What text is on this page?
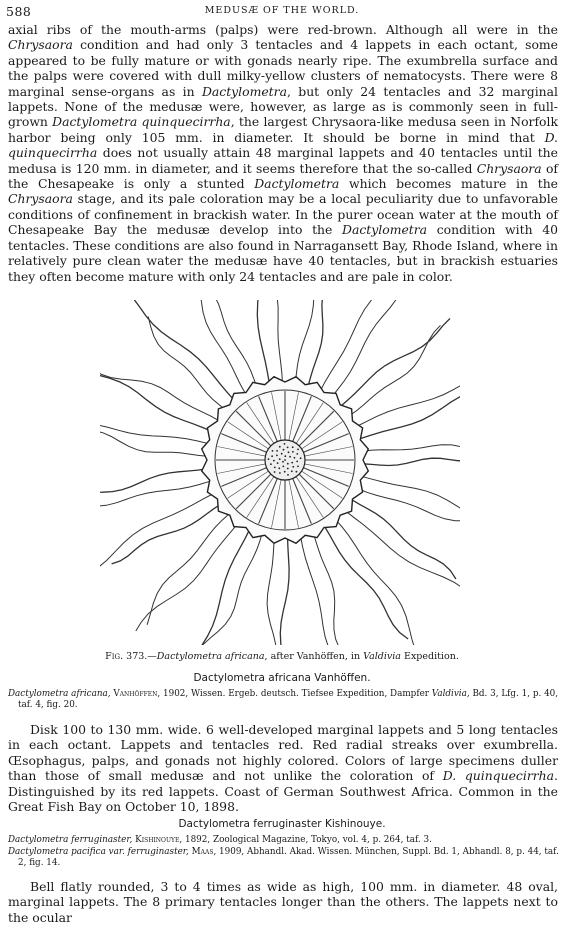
588	MEDUSÆ OF THE WORLD.

axial ribs of the mouth-arms (palps) were red-brown. Although all were in the Chrysaora condition and had only 3 tentacles and 4 lappets in each octant, some appeared to be fully mature or with gonads nearly ripe. The exumbrella surface and the palps were covered with dull milky-yellow clusters of nematocysts. There were 8 marginal sense-organs as in Dactylometra, but only 24 tentacles and 32 marginal lappets. None of the medusæ were, however, as large as is commonly seen in full-grown Dactylometra quinquecirrha, the largest Chrysaora-like medusa seen in Norfolk harbor being only 105 mm. in diameter. It should be borne in mind that D. quinquecirrha does not usually attain 48 marginal lappets and 40 tentacles until the medusa is 120 mm. in diameter, and it seems therefore that the so-called Chrysaora of the Chesapeake is only a stunted Dactylometra which becomes mature in the Chrysaora stage, and its pale coloration may be a local peculiarity due to unfavorable conditions of confinement in brackish water. In the purer ocean water at the mouth of Chesapeake Bay the medusæ develop into the Dactylometra condition with 40 tentacles. These conditions are also found in Narragansett Bay, Rhode Island, where in relatively pure clean water the medusæ have 40 tentacles, but in brackish estuaries they often become mature with only 24 tentacles and are pale in color.

Fig. 373.—Dactylometra africana, after Vanhöffen, in Valdivia Expedition.
Dactylometra africana Vanhöffen.

Dactylometra africana, Vanhöffen, 1902, Wissen. Ergeb. deutsch. Tiefsee Expedition, Dampfer Valdivia, Bd. 3, Lfg. 1, p. 40, taf. 4, fig. 20.

Disk 100 to 130 mm. wide. 6 well-developed marginal lappets and 5 long tentacles in each octant. Lappets and tentacles red. Red radial streaks over exumbrella. Œsophagus, palps, and gonads not highly colored. Colors of large specimens duller than those of small medusæ and not unlike the coloration of D. quinquecirrha. Distinguished by its red lappets. Coast of German Southwest Africa. Common in the Great Fish Bay on October 10, 1898.

Dactylometra ferruginaster Kishinouye.

Dactylometra ferruginaster, Kishinouye, 1892, Zoological Magazine, Tokyo, vol. 4, p. 264, taf. 3.

Dactylometra pacifica var. ferruginaster, Maas, 1909, Abhandl. Akad. Wissen. München, Suppl. Bd. 1, Abhandl. 8, p. 44, taf. 2, fig. 14.

Bell flatly rounded, 3 to 4 times as wide as high, 100 mm. in diameter. 48 oval, marginal lappets. The 8 primary tentacles longer than the others. The lappets next to the ocular
